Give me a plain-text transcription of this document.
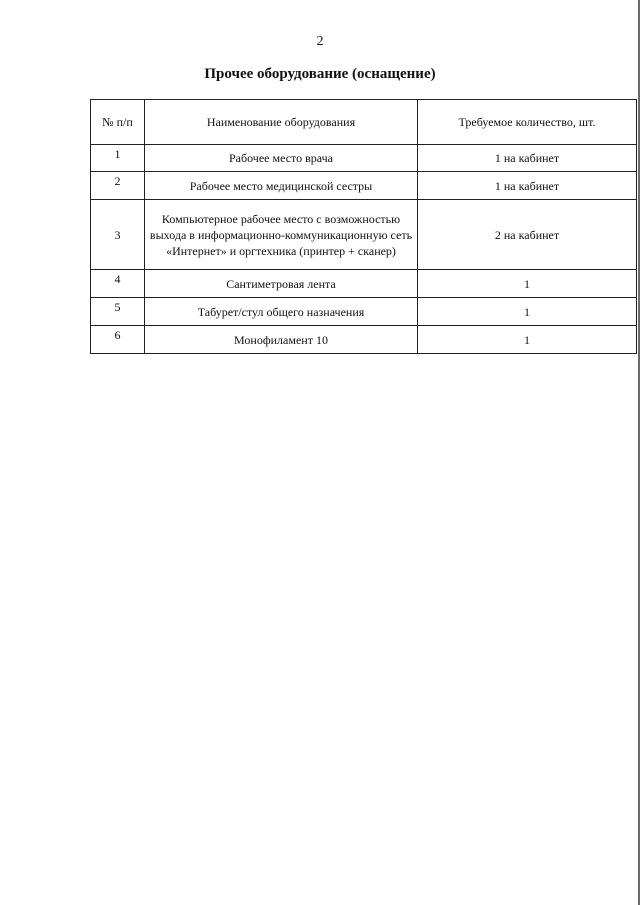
2
Прочее оборудование (оснащение)
№ п/п	Наименование оборудования	Требуемое количество, шт.

1	Рабочее место врача	1 на кабинет
2	Рабочее место медицинской сестры	1 на кабинет
3	Компьютерное рабочее место с возможностью выхода в информационно-коммуникационную сеть «Интернет» и оргтехника (принтер + сканер)	2 на кабинет
4	Сантиметровая лента	1
5	Табурет/стул общего назначения	1
6	Монофиламент 10	1
